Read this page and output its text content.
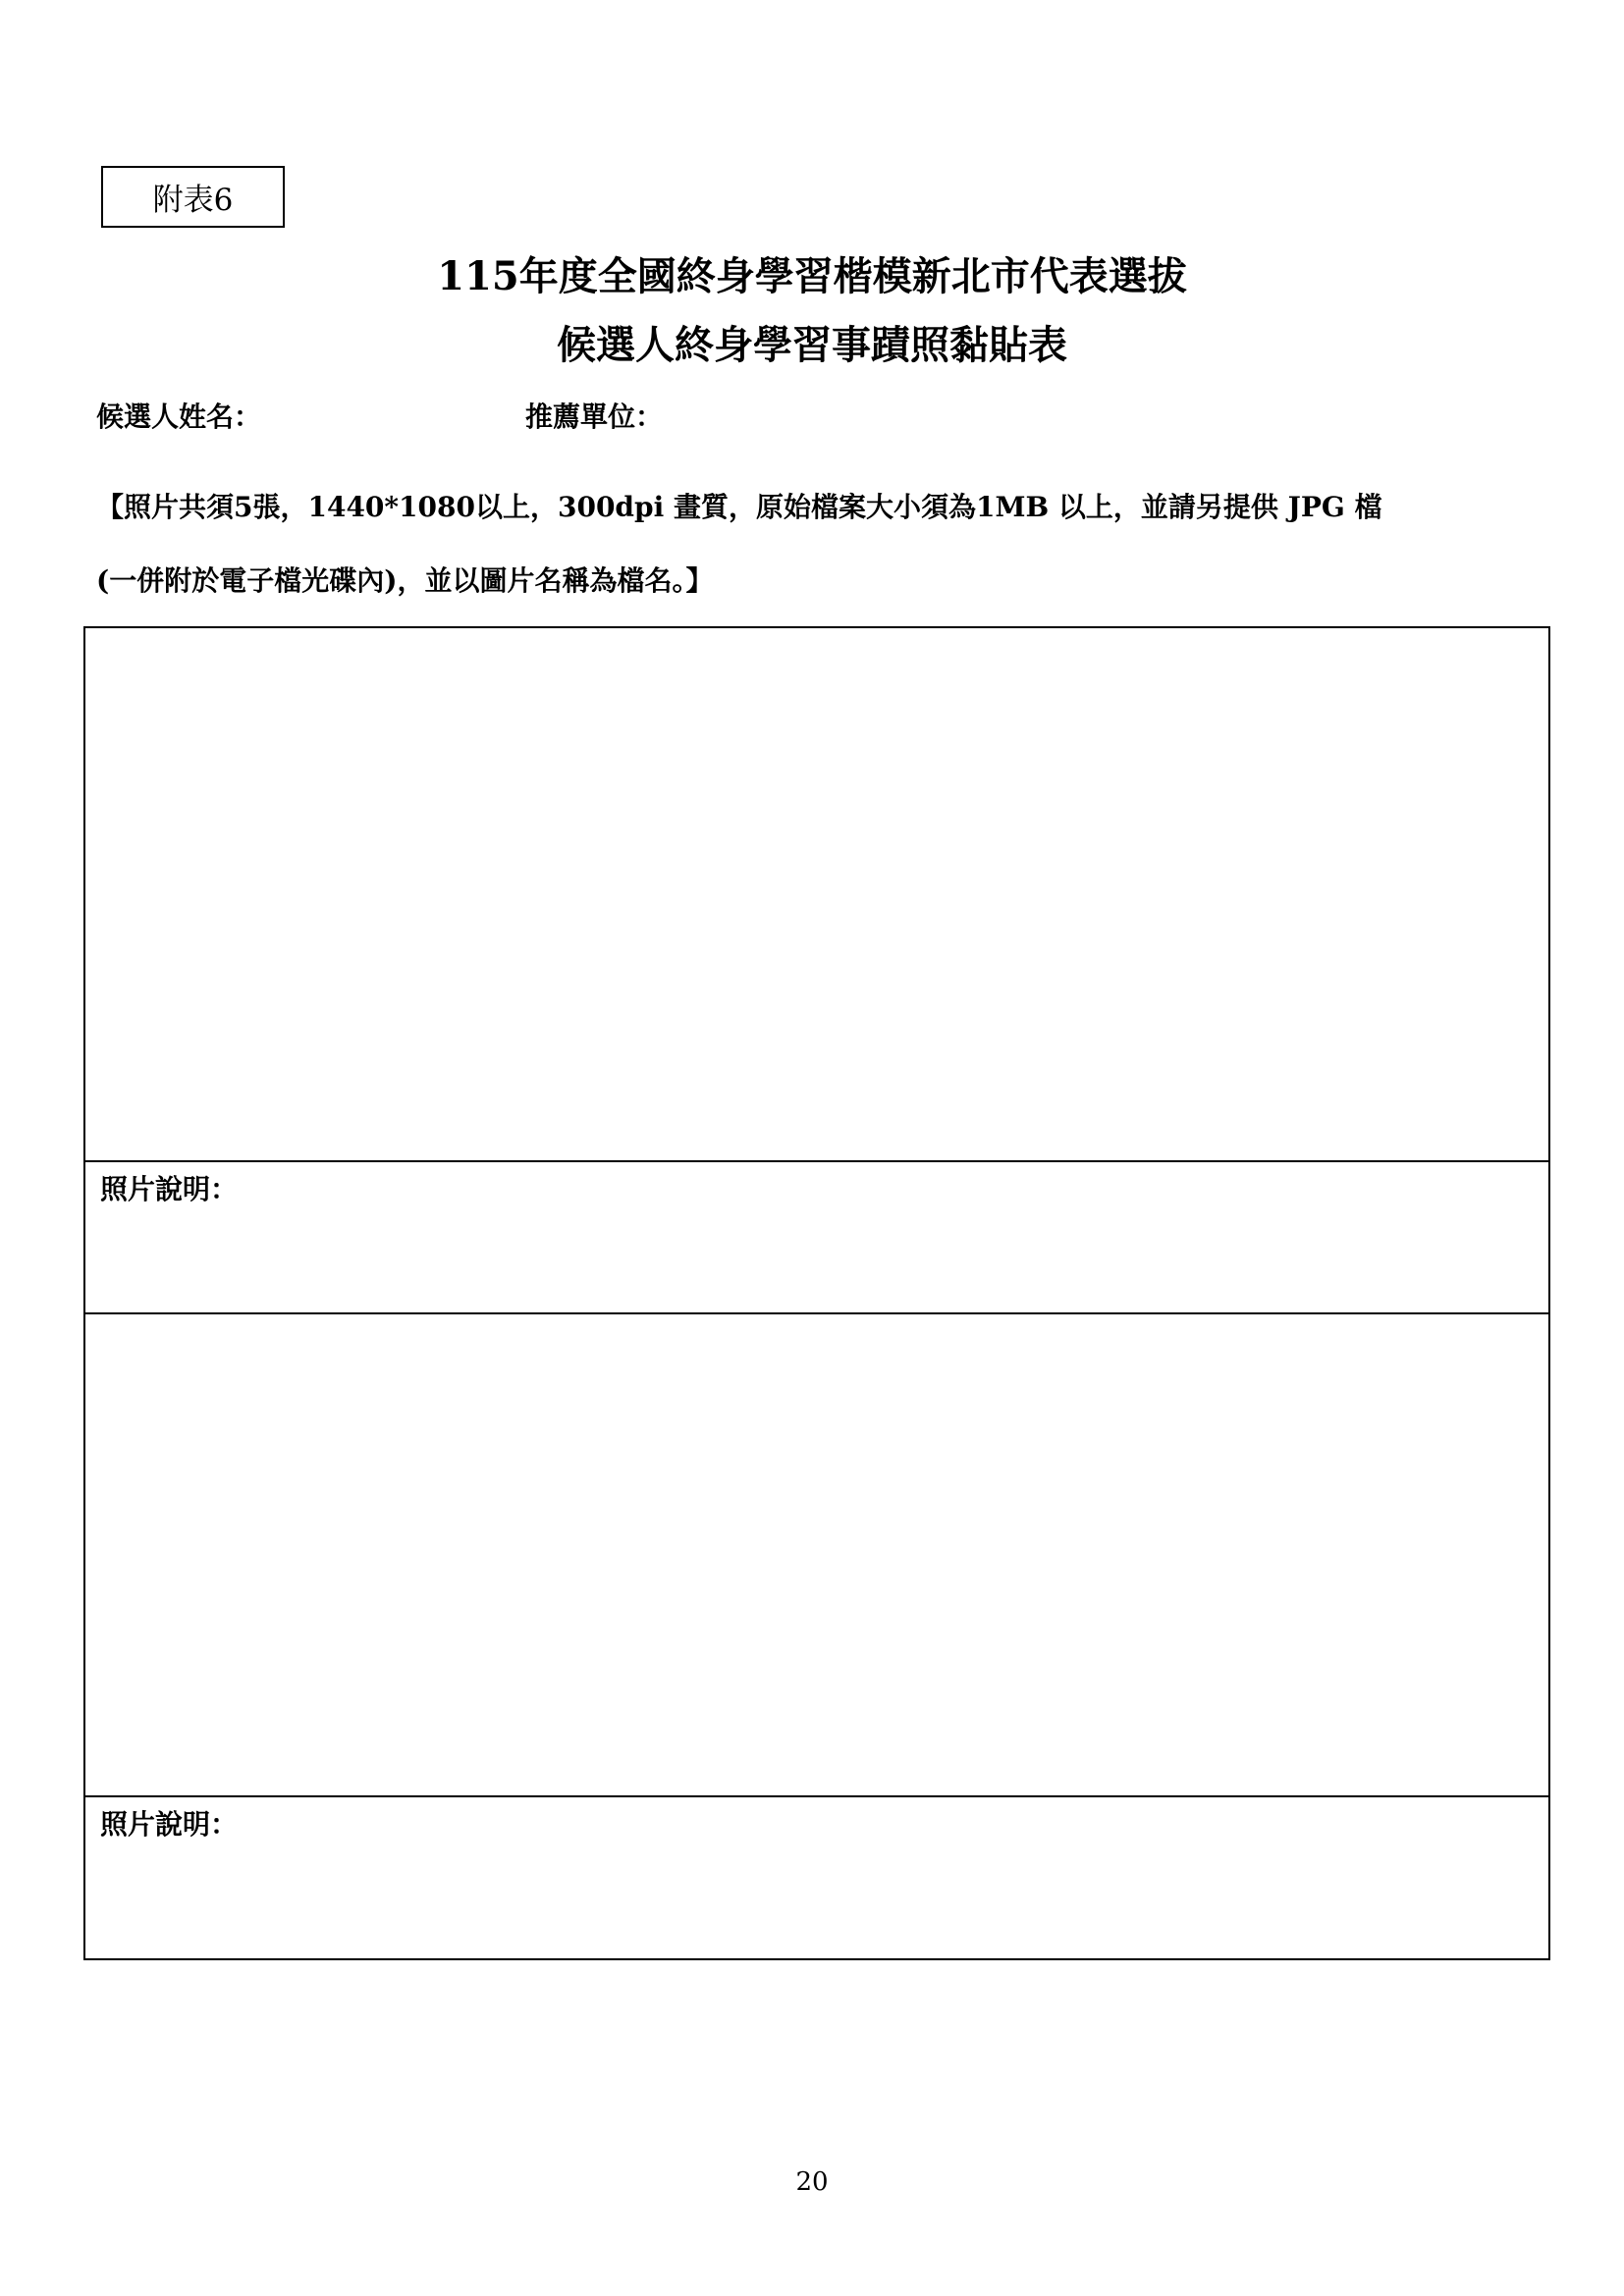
附表6
115年度全國終身學習楷模新北市代表選拔
候選人終身學習事蹟照黏貼表
候選人姓名：	推薦單位：
【照片共須5張，1440*1080以上，300dpi 畫質，原始檔案大小須為1MB 以上，並請另提供 JPG 檔
(一併附於電子檔光碟內)，並以圖片名稱為檔名。】
照片說明：
照片說明：
20
